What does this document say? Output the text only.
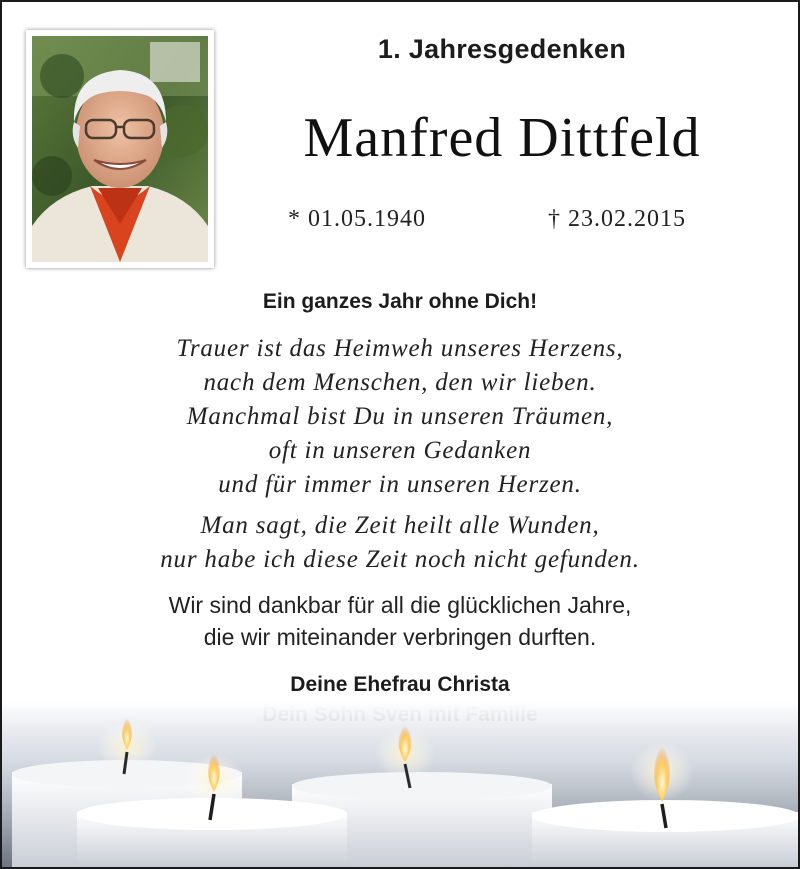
1. Jahresgedenken
Manfred Dittfeld
* 01.05.1940	† 23.02.2015
Ein ganzes Jahr ohne Dich!
Trauer ist das Heimweh unseres Herzens,
nach dem Menschen, den wir lieben.
Manchmal bist Du in unseren Träumen,
oft in unseren Gedanken
und für immer in unseren Herzen.
Man sagt, die Zeit heilt alle Wunden,
nur habe ich diese Zeit noch nicht gefunden.
Wir sind dankbar für all die glücklichen Jahre,
die wir miteinander verbringen durften.
Deine Ehefrau Christa
